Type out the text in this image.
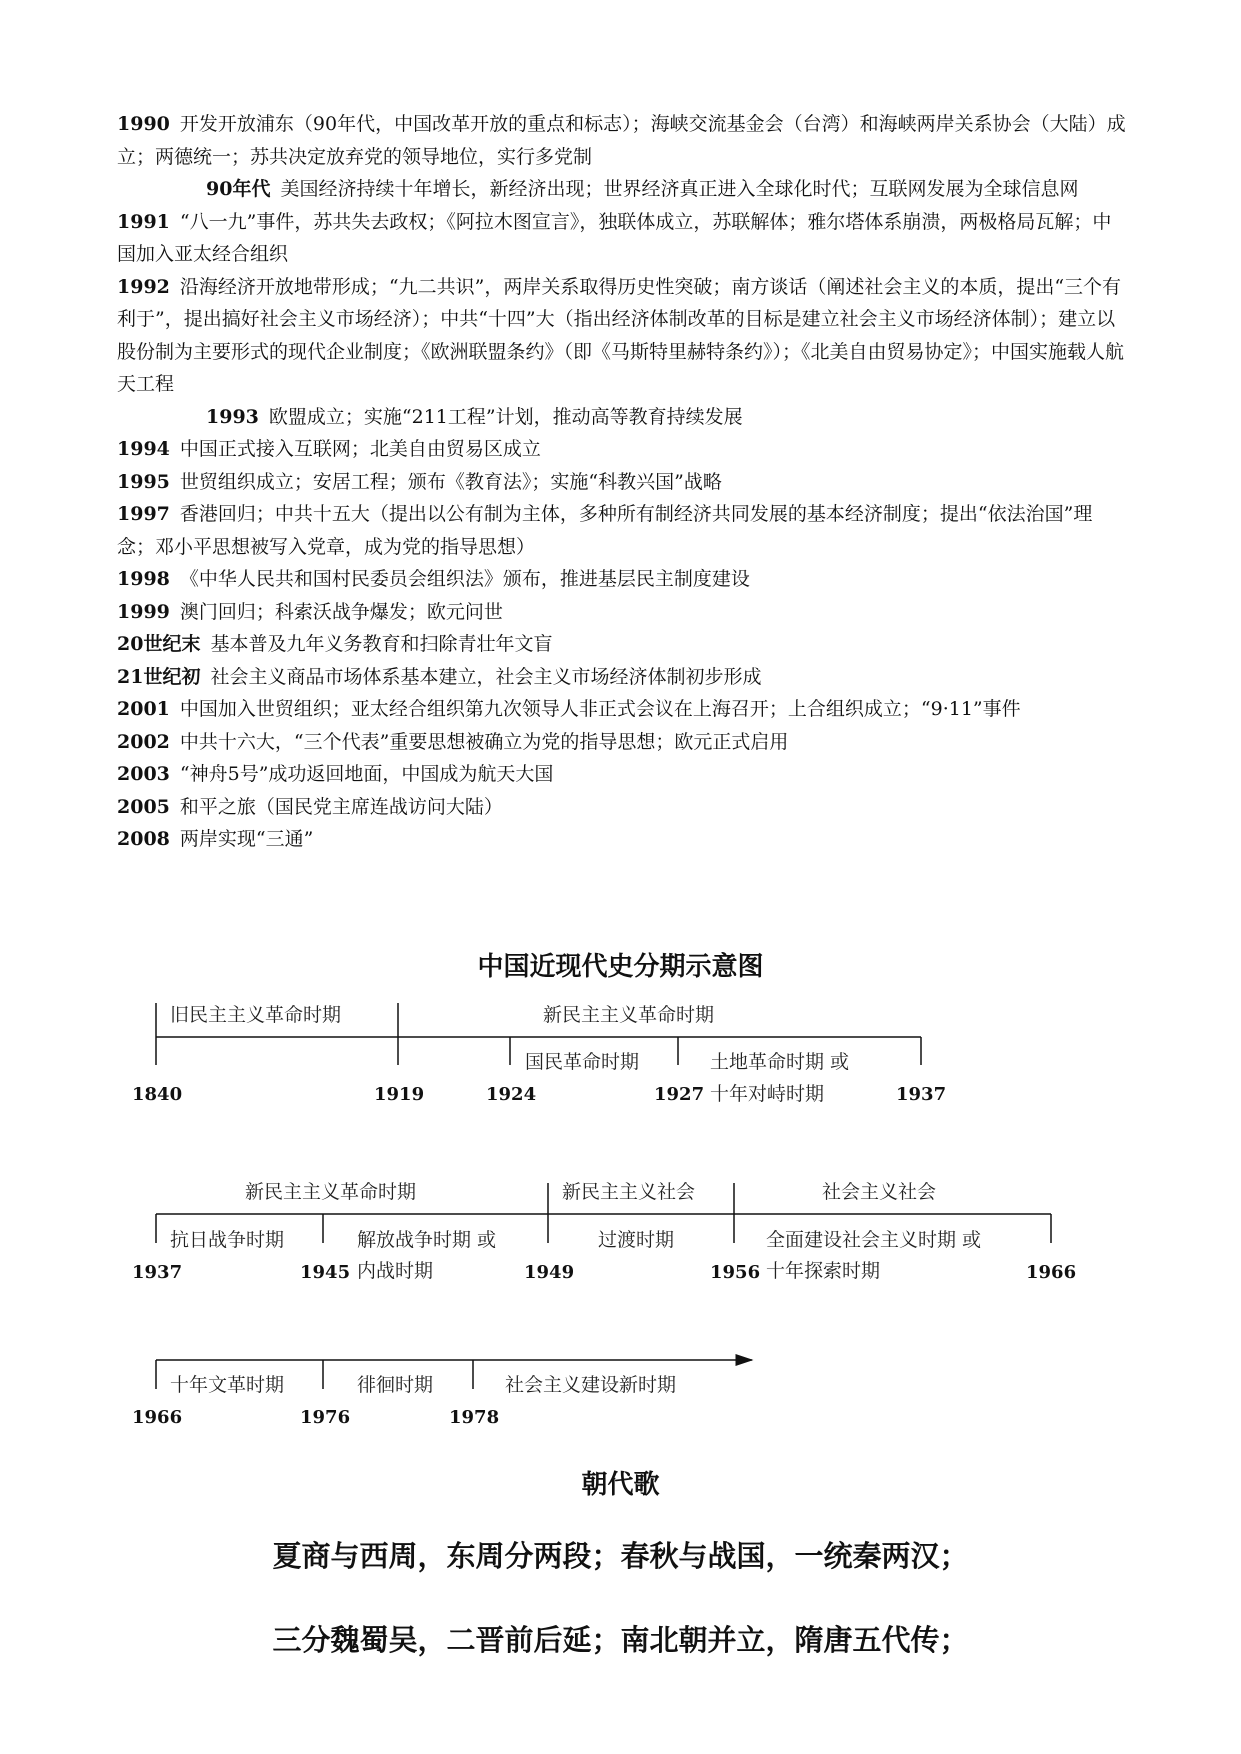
1990 开发开放浦东（90年代，中国改革开放的重点和标志）；海峡交流基金会（台湾）和海峡两岸关系协会（大陆）成立；两德统一；苏共决定放弃党的领导地位，实行多党制

90年代 美国经济持续十年增长，新经济出现；世界经济真正进入全球化时代；互联网发展为全球信息网

1991 “八一九”事件，苏共失去政权；《阿拉木图宣言》，独联体成立，苏联解体；雅尔塔体系崩溃，两极格局瓦解；中国加入亚太经合组织

1992 沿海经济开放地带形成；“九二共识”，两岸关系取得历史性突破；南方谈话（阐述社会主义的本质，提出“三个有利于”，提出搞好社会主义市场经济）；中共“十四”大（指出经济体制改革的目标是建立社会主义市场经济体制）；建立以股份制为主要形式的现代企业制度；《欧洲联盟条约》（即《马斯特里赫特条约》）；《北美自由贸易协定》；中国实施载人航天工程

1993 欧盟成立；实施“211工程”计划，推动高等教育持续发展

1994 中国正式接入互联网；北美自由贸易区成立

1995 世贸组织成立；安居工程；颁布《教育法》；实施“科教兴国”战略

1997 香港回归；中共十五大（提出以公有制为主体，多种所有制经济共同发展的基本经济制度；提出“依法治国”理念；邓小平思想被写入党章，成为党的指导思想）

1998 《中华人民共和国村民委员会组织法》颁布，推进基层民主制度建设

1999 澳门回归；科索沃战争爆发；欧元问世

20世纪末 基本普及九年义务教育和扫除青壮年文盲

21世纪初 社会主义商品市场体系基本建立，社会主义市场经济体制初步形成

2001 中国加入世贸组织；亚太经合组织第九次领导人非正式会议在上海召开；上合组织成立；“9·11”事件

2002 中共十六大，“三个代表”重要思想被确立为党的指导思想；欧元正式启用

2003 “神舟5号”成功返回地面，中国成为航天大国

2005 和平之旅（国民党主席连战访问大陆）

2008 两岸实现“三通”

中国近现代史分期示意图
旧民主主义革命时期	新民主主义革命时期
国民革命时期	土地革命时期 或
十年对峙时期
1840	1919	1924	1927	1937
新民主主义革命时期	新民主主义社会	社会主义社会
抗日战争时期	解放战争时期 或
内战时期
过渡时期	全面建设社会主义时期 或
十年探索时期
1937	1945	1949	1956	1966
十年文革时期	徘徊时期	社会主义建设新时期
1966	1976	1978
朝代歌
夏商与西周，东周分两段；春秋与战国，一统秦两汉；
三分魏蜀吴，二晋前后延；南北朝并立，隋唐五代传；
